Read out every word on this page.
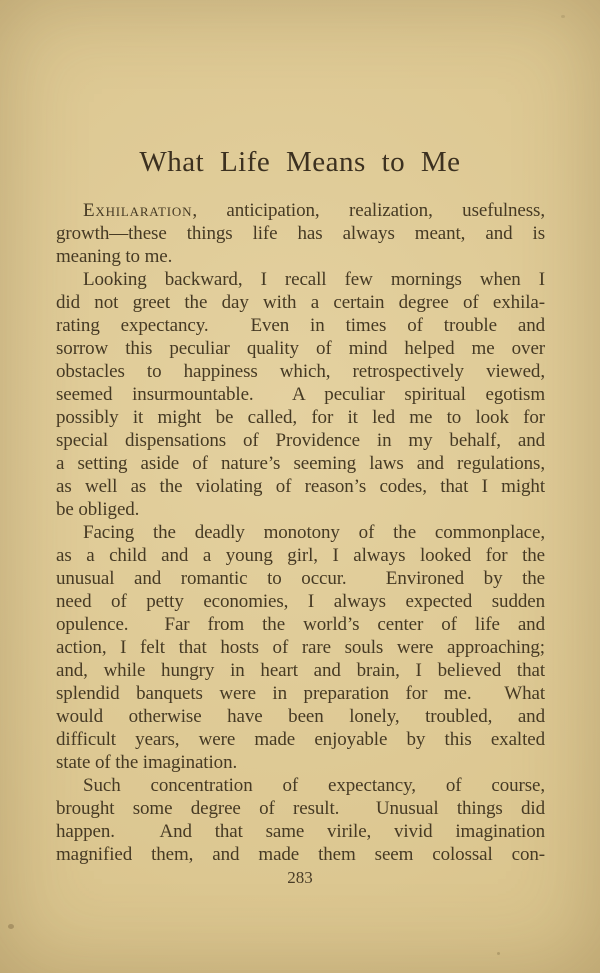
What Life Means to Me
Exhilaration, anticipation, realization, usefulness,
growth—these things life has always meant, and is
meaning to me.
Looking backward, I recall few mornings when I
did not greet the day with a certain degree of exhila-
rating expectancy.  Even in times of trouble and
sorrow this peculiar quality of mind helped me over
obstacles to happiness which, retrospectively viewed,
seemed insurmountable.  A peculiar spiritual egotism
possibly it might be called, for it led me to look for
special dispensations of Providence in my behalf, and
a setting aside of nature’s seeming laws and regulations,
as well as the violating of reason’s codes, that I might
be obliged.
Facing the deadly monotony of the commonplace,
as a child and a young girl, I always looked for the
unusual and romantic to occur.  Environed by the
need of petty economies, I always expected sudden
opulence.  Far from the world’s center of life and
action, I felt that hosts of rare souls were approaching;
and, while hungry in heart and brain, I believed that
splendid banquets were in preparation for me.  What
would otherwise have been lonely, troubled, and
difficult years, were made enjoyable by this exalted
state of the imagination.
Such concentration of expectancy, of course,
brought some degree of result.  Unusual things did
happen.  And that same virile, vivid imagination
magnified them, and made them seem colossal con-
283
